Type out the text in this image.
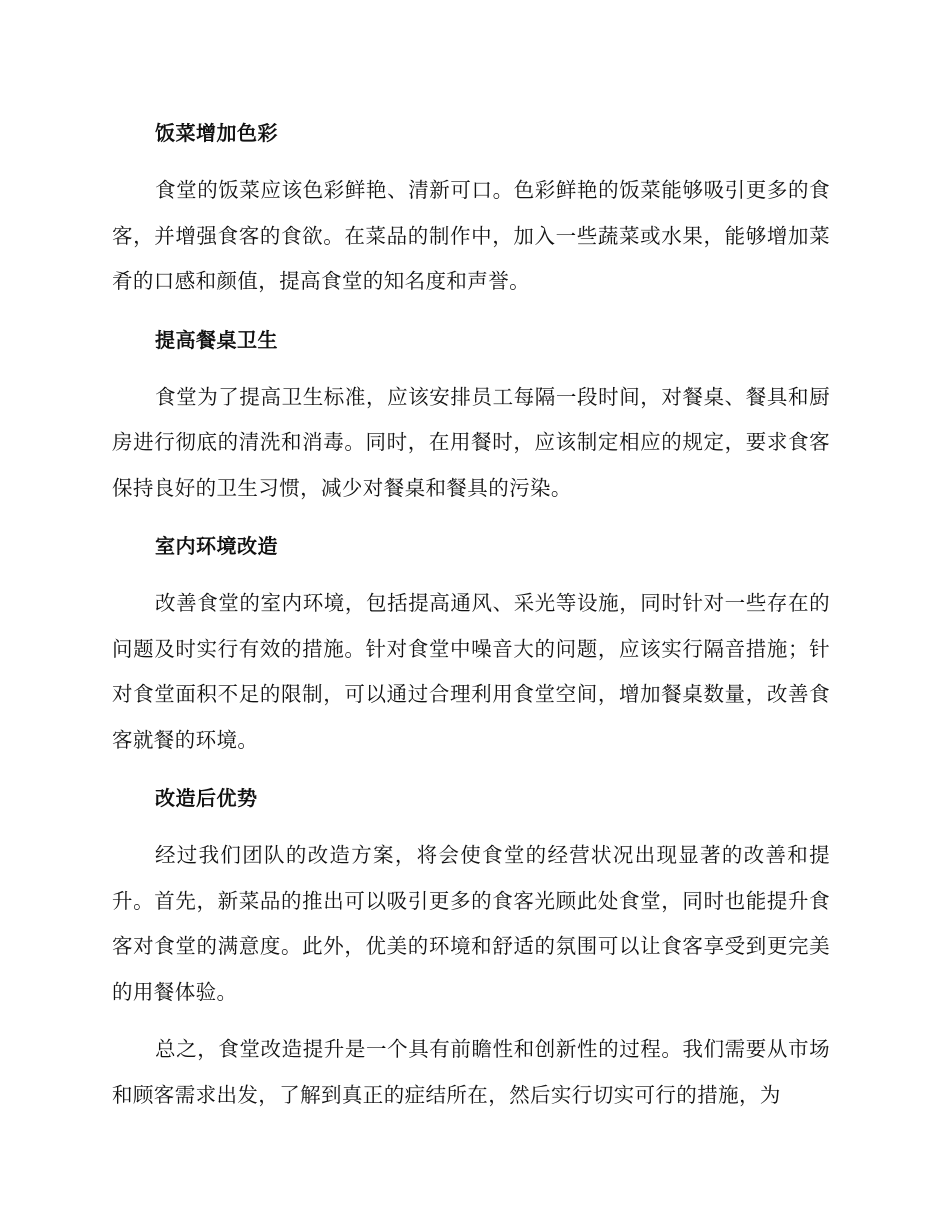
饭菜增加色彩

食堂的饭菜应该色彩鲜艳、清新可口。色彩鲜艳的饭菜能够吸引更多的食客，并增强食客的食欲。在菜品的制作中，加入一些蔬菜或水果，能够增加菜肴的口感和颜值，提高食堂的知名度和声誉。

提高餐桌卫生

食堂为了提高卫生标准，应该安排员工每隔一段时间，对餐桌、餐具和厨房进行彻底的清洗和消毒。同时，在用餐时，应该制定相应的规定，要求食客保持良好的卫生习惯，减少对餐桌和餐具的污染。

室内环境改造

改善食堂的室内环境，包括提高通风、采光等设施，同时针对一些存在的问题及时实行有效的措施。针对食堂中噪音大的问题，应该实行隔音措施；针对食堂面积不足的限制，可以通过合理利用食堂空间，增加餐桌数量，改善食客就餐的环境。

改造后优势

经过我们团队的改造方案，将会使食堂的经营状况出现显著的改善和提升。首先，新菜品的推出可以吸引更多的食客光顾此处食堂，同时也能提升食客对食堂的满意度。此外，优美的环境和舒适的氛围可以让食客享受到更完美的用餐体验。

总之，食堂改造提升是一个具有前瞻性和创新性的过程。我们需要从市场和顾客需求出发，了解到真正的症结所在，然后实行切实可行的措施，为
